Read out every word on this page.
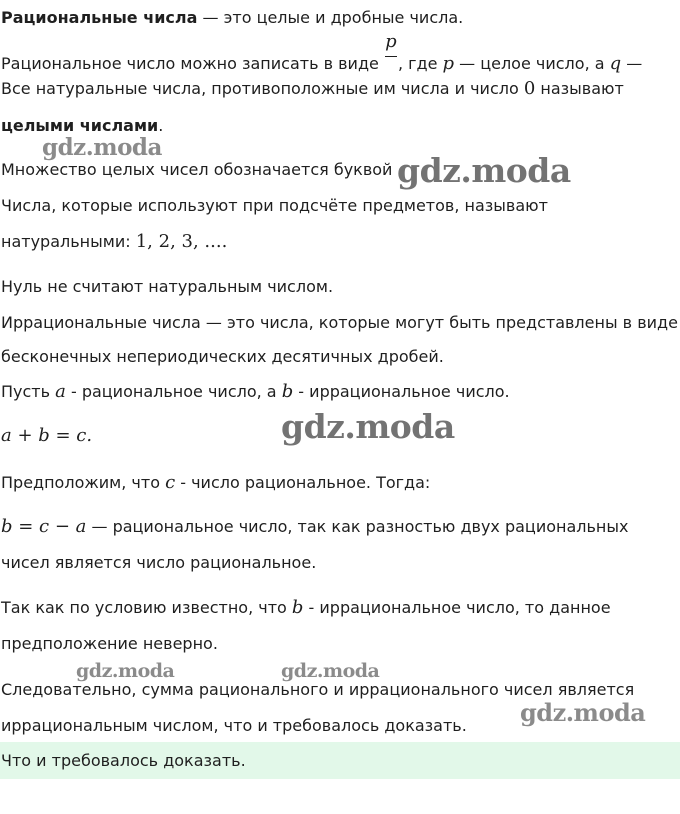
Рациональные числа — это целые и дробные числа.
Рациональное число можно записать в виде
p
, где p — целое число, а q —
Все натуральные числа, противоположные им числа и число 0 называют
целыми числами.
Множество целых чисел обозначается буквой
Числа, которые используют при подсчёте предметов, называют
натуральными: 1, 2, 3, ....
Нуль не считают натуральным числом.
Иррациональные числа — это числа, которые могут быть представлены в виде
бесконечных непериодических десятичных дробей.
Пусть a - рациональное число, а b - иррациональное число.
a + b = c.
Предположим, что c - число рациональное. Тогда:
b = c − a — рациональное число, так как разностью двух рациональных
чисел является число рациональное.
Так как по условию известно, что b - иррациональное число, то данное
предположение неверно.
Следовательно, сумма рационального и иррационального чисел является
иррациональным числом, что и требовалось доказать.
Что и требовалось доказать.
gdz.moda
gdz.moda
gdz.moda
gdz.moda	gdz.moda
gdz.moda
